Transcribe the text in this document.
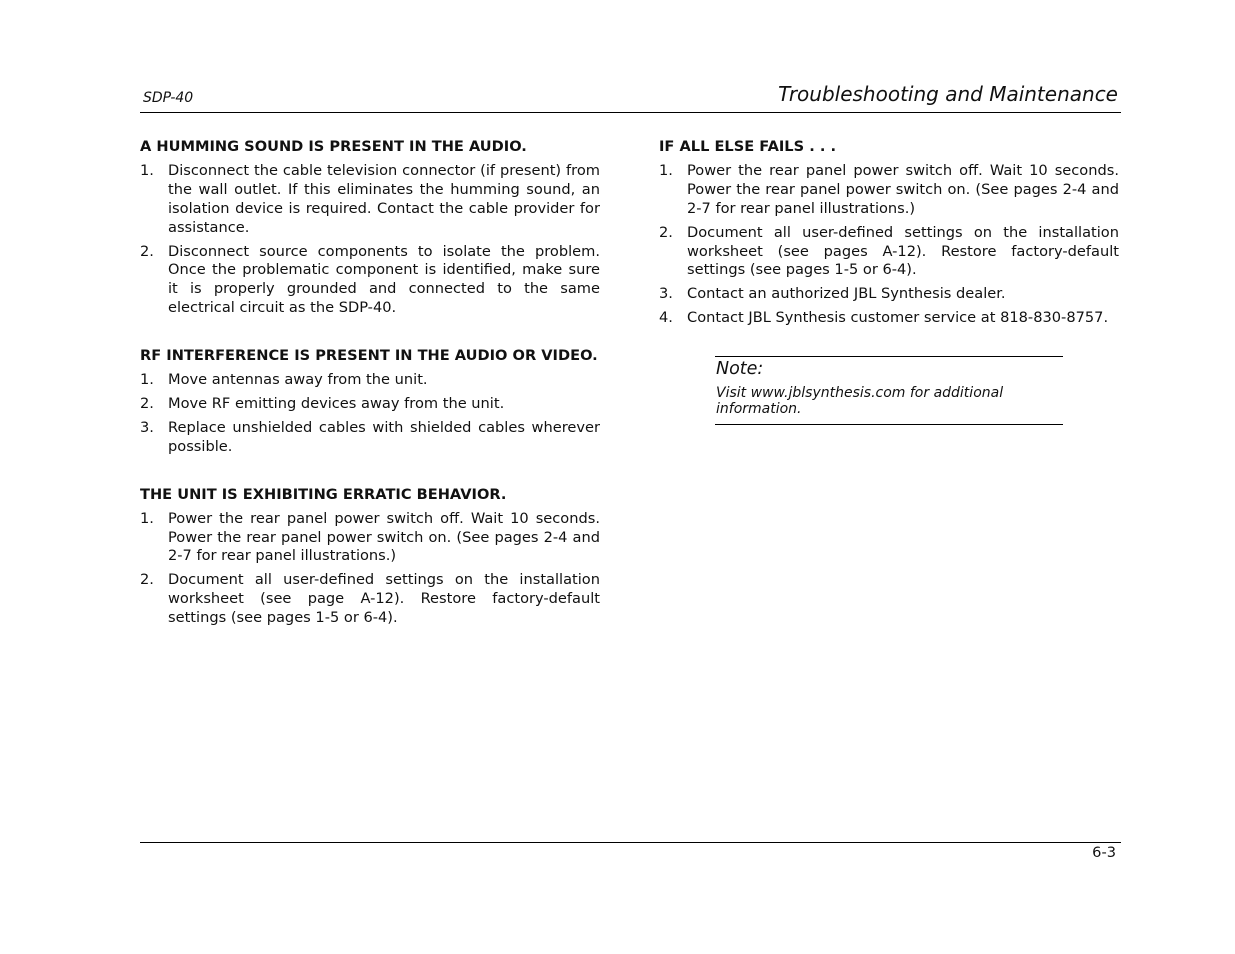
SDP-40	Troubleshooting and Maintenance
A HUMMING SOUND IS PRESENT IN THE AUDIO.
1. Disconnect the cable television connector (if present) from the wall outlet. If this eliminates the humming sound, an isolation device is required. Contact the cable provider for assistance.
2. Disconnect source components to isolate the problem. Once the problematic component is identified, make sure it is properly grounded and connected to the same electrical circuit as the SDP-40.
RF INTERFERENCE IS PRESENT IN THE AUDIO OR VIDEO.
1. Move antennas away from the unit.
2. Move RF emitting devices away from the unit.
3. Replace unshielded cables with shielded cables wherever possible.
THE UNIT IS EXHIBITING ERRATIC BEHAVIOR.
1. Power the rear panel power switch off. Wait 10 seconds. Power the rear panel power switch on. (See pages 2-4 and 2-7 for rear panel illustrations.)
2. Document all user-defined settings on the installation worksheet (see page A-12). Restore factory-default settings (see pages 1-5 or 6-4).
IF ALL ELSE FAILS . . .
1. Power the rear panel power switch off. Wait 10 seconds. Power the rear panel power switch on. (See pages 2-4 and 2-7 for rear panel illustrations.)
2. Document all user-defined settings on the installation worksheet (see pages A-12). Restore factory-default settings (see pages 1-5 or 6-4).
3. Contact an authorized JBL Synthesis dealer.
4. Contact JBL Synthesis customer service at 818-830-8757.
Note:
Visit www.jblsynthesis.com for additional information.
6-3
